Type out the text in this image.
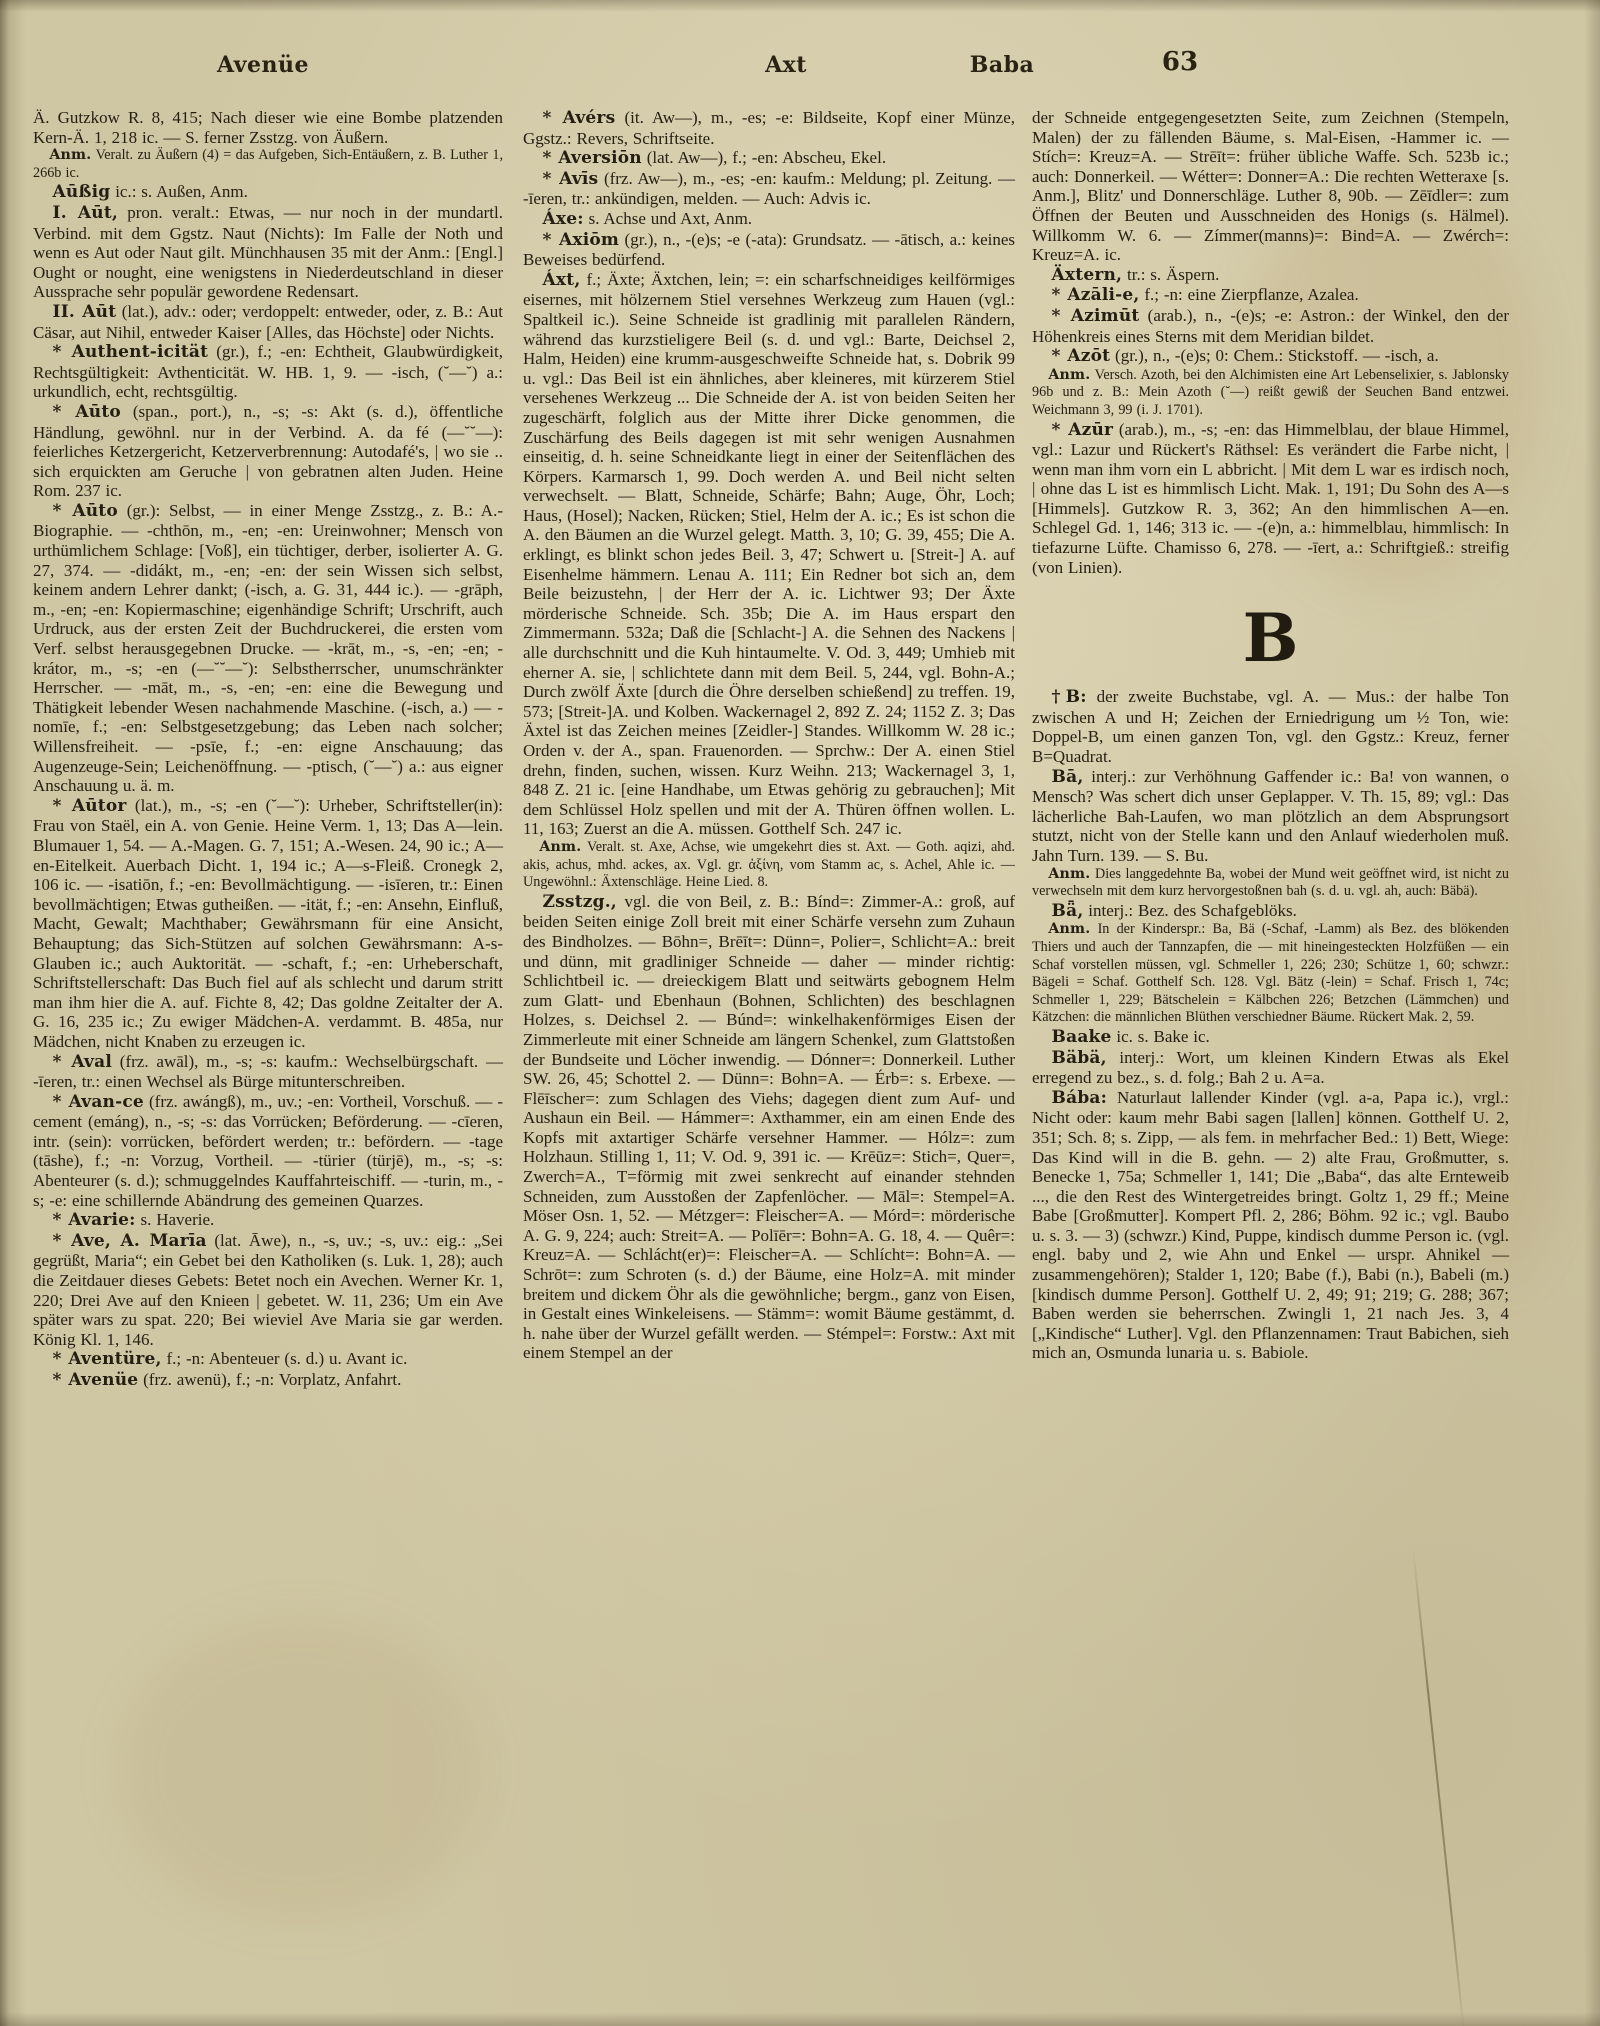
Avenüe	Axt	Baba	63

Ä. Gutzkow R. 8, 415; Nach dieser wie eine Bombe platzenden Kern-Ä. 1, 218 ic. — S. ferner Zsstzg. von Äußern.

Anm. Veralt. zu Äußern (4) = das Aufgeben, Sich-Entäußern, z. B. Luther 1, 266b ic.

Aūßig ic.: s. Außen, Anm.

I. Aūt, pron. veralt.: Etwas, — nur noch in der mundartl. Verbind. mit dem Ggstz. Naut (Nichts): Im Falle der Noth und wenn es Aut oder Naut gilt. Münchhausen 35 mit der Anm.: [Engl.] Ought or nought, eine wenigstens in Niederdeutschland in dieser Aussprache sehr populär gewordene Redensart.

II. Aūt (lat.), adv.: oder; verdoppelt: entweder, oder, z. B.: Aut Cäsar, aut Nihil, entweder Kaiser [Alles, das Höchste] oder Nichts.

* Authent-icität (gr.), f.; -en: Echtheit, Glaubwürdigkeit, Rechtsgültigkeit: Avthenticität. W. HB. 1, 9. — -isch, (˘—˘) a.: urkundlich, echt, rechtsgültig.

* Aūto (span., port.), n., -s; -s: Akt (s. d.), öffentliche Händlung, gewöhnl. nur in der Verbind. A. da fé (—˘˘—): feierliches Ketzergericht, Ketzerverbrennung: Autodafé's, | wo sie .. sich erquickten am Geruche | von gebratnen alten Juden. Heine Rom. 237 ic.

* Aūto (gr.): Selbst, — in einer Menge Zsstzg., z. B.: A.-Biographie. — -chthōn, m., -en; -en: Ureinwohner; Mensch von urthümlichem Schlage: [Voß], ein tüchtiger, derber, isolierter A. G. 27, 374. — -didákt, m., -en; -en: der sein Wissen sich selbst, keinem andern Lehrer dankt; (-isch, a. G. 31, 444 ic.). — -grāph, m., -en; -en: Kopiermaschine; eigenhändige Schrift; Urschrift, auch Urdruck, aus der ersten Zeit der Buchdruckerei, die ersten vom Verf. selbst herausgegebnen Drucke. — -krāt, m., -s, -en; -en; -krátor, m., -s; -en (—˘˘—˘): Selbstherrscher, unumschränkter Herrscher. — -māt, m., -s, -en; -en: eine die Bewegung und Thätigkeit lebender Wesen nachahmende Maschine. (-isch, a.) — -nomīe, f.; -en: Selbstgesetzgebung; das Leben nach solcher; Willensfreiheit. — -psīe, f.; -en: eigne Anschauung; das Augenzeuge-Sein; Leichenöffnung. — -ptisch, (˘—˘) a.: aus eigner Anschauung u. ä. m.

* Aūtor (lat.), m., -s; -en (˘—˘): Urheber, Schriftsteller(in): Frau von Staël, ein A. von Genie. Heine Verm. 1, 13; Das A—lein. Blumauer 1, 54. — A.-Magen. G. 7, 151; A.-Wesen. 24, 90 ic.; A—en-Eitelkeit. Auerbach Dicht. 1, 194 ic.; A—s-Fleiß. Cronegk 2, 106 ic. — -isatiōn, f.; -en: Bevollmächtigung. — -isīeren, tr.: Einen bevollmächtigen; Etwas gutheißen. — -ität, f.; -en: Ansehn, Einfluß, Macht, Gewalt; Machthaber; Gewährsmann für eine Ansicht, Behauptung; das Sich-Stützen auf solchen Gewährsmann: A-s-Glauben ic.; auch Auktorität. — -schaft, f.; -en: Urheberschaft, Schriftstellerschaft: Das Buch fiel auf als schlecht und darum stritt man ihm hier die A. auf. Fichte 8, 42; Das goldne Zeitalter der A. G. 16, 235 ic.; Zu ewiger Mädchen-A. verdammt. B. 485a, nur Mädchen, nicht Knaben zu erzeugen ic.

* Aval (frz. awāl), m., -s; -s: kaufm.: Wechselbürgschaft. — -īeren, tr.: einen Wechsel als Bürge mitunterschreiben.

* Avan-ce (frz. awángß), m., uv.; -en: Vortheil, Vorschuß. — -cement (emáng), n., -s; -s: das Vorrücken; Beförderung. — -cīeren, intr. (sein): vorrücken, befördert werden; tr.: befördern. — -tage (tāshe), f.; -n: Vorzug, Vortheil. — -türier (türjē), m., -s; -s: Abenteurer (s. d.); schmuggelndes Kauffahrteischiff. — -turin, m., -s; -e: eine schillernde Abändrung des gemeinen Quarzes.

* Avarie: s. Haverie.

* Ave, A. Marīa (lat. Āwe), n., -s, uv.; -s, uv.: eig.: „Sei gegrüßt, Maria“; ein Gebet bei den Katholiken (s. Luk. 1, 28); auch die Zeitdauer dieses Gebets: Betet noch ein Avechen. Werner Kr. 1, 220; Drei Ave auf den Knieen | gebetet. W. 11, 236; Um ein Ave später wars zu spat. 220; Bei wieviel Ave Maria sie gar werden. König Kl. 1, 146.

* Aventüre, f.; -n: Abenteuer (s. d.) u. Avant ic.

* Avenüe (frz. awenü), f.; -n: Vorplatz, Anfahrt.

* Avérs (it. Aw—), m., -es; -e: Bildseite, Kopf einer Münze, Ggstz.: Revers, Schriftseite.

* Aversiōn (lat. Aw—), f.; -en: Abscheu, Ekel.

* Avīs (frz. Aw—), m., -es; -en: kaufm.: Meldung; pl. Zeitung. — -īeren, tr.: ankündigen, melden. — Auch: Advis ic.

Áxe: s. Achse und Axt, Anm.

* Axiōm (gr.), n., -(e)s; -e (-ata): Grundsatz. — -ātisch, a.: keines Beweises bedürfend.

Áxt, f.; Äxte; Äxtchen, lein; =: ein scharfschneidiges keilförmiges eisernes, mit hölzernem Stiel versehnes Werkzeug zum Hauen (vgl.: Spaltkeil ic.). Seine Schneide ist gradlinig mit parallelen Rändern, während das kurzstieligere Beil (s. d. und vgl.: Barte, Deichsel 2, Halm, Heiden) eine krumm-ausgeschweifte Schneide hat, s. Dobrik 99 u. vgl.: Das Beil ist ein ähnliches, aber kleineres, mit kürzerem Stiel versehenes Werkzeug ... Die Schneide der A. ist von beiden Seiten her zugeschärft, folglich aus der Mitte ihrer Dicke genommen, die Zuschärfung des Beils dagegen ist mit sehr wenigen Ausnahmen einseitig, d. h. seine Schneidkante liegt in einer der Seitenflächen des Körpers. Karmarsch 1, 99. Doch werden A. und Beil nicht selten verwechselt. — Blatt, Schneide, Schärfe; Bahn; Auge, Öhr, Loch; Haus, (Hosel); Nacken, Rücken; Stiel, Helm der A. ic.; Es ist schon die A. den Bäumen an die Wurzel gelegt. Matth. 3, 10; G. 39, 455; Die A. erklingt, es blinkt schon jedes Beil. 3, 47; Schwert u. [Streit-] A. auf Eisenhelme hämmern. Lenau A. 111; Ein Redner bot sich an, dem Beile beizustehn, | der Herr der A. ic. Lichtwer 93; Der Äxte mörderische Schneide. Sch. 35b; Die A. im Haus erspart den Zimmermann. 532a; Daß die [Schlacht-] A. die Sehnen des Nackens | alle durchschnitt und die Kuh hintaumelte. V. Od. 3, 449; Umhieb mit eherner A. sie, | schlichtete dann mit dem Beil. 5, 244, vgl. Bohn-A.; Durch zwölf Äxte [durch die Öhre derselben schießend] zu treffen. 19, 573; [Streit-]A. und Kolben. Wackernagel 2, 892 Z. 24; 1152 Z. 3; Das Äxtel ist das Zeichen meines [Zeidler-] Standes. Willkomm W. 28 ic.; Orden v. der A., span. Frauenorden. — Sprchw.: Der A. einen Stiel drehn, finden, suchen, wissen. Kurz Weihn. 213; Wackernagel 3, 1, 848 Z. 21 ic. [eine Handhabe, um Etwas gehörig zu gebrauchen]; Mit dem Schlüssel Holz spellen und mit der A. Thüren öffnen wollen. L. 11, 163; Zuerst an die A. müssen. Gotthelf Sch. 247 ic.

Anm. Veralt. st. Axe, Achse, wie umgekehrt dies st. Axt. — Goth. aqizi, ahd. akis, achus, mhd. ackes, ax. Vgl. gr. ἀξίνη, vom Stamm ac, s. Achel, Ahle ic. — Ungewöhnl.: Äxtenschläge. Heine Lied. 8.

Zsstzg., vgl. die von Beil, z. B.: Bínd=: Zimmer-A.: groß, auf beiden Seiten einige Zoll breit mit einer Schärfe versehn zum Zuhaun des Bindholzes. — Bōhn=, Brēīt=: Dünn=, Polier=, Schlicht=A.: breit und dünn, mit gradliniger Schneide — daher — minder richtig: Schlichtbeil ic. — dreieckigem Blatt und seitwärts gebognem Helm zum Glatt- und Ebenhaun (Bohnen, Schlichten) des beschlagnen Holzes, s. Deichsel 2. — Búnd=: winkelhakenförmiges Eisen der Zimmerleute mit einer Schneide am längern Schenkel, zum Glattstoßen der Bundseite und Löcher inwendig. — Dónner=: Donnerkeil. Luther SW. 26, 45; Schottel 2. — Dünn=: Bohn=A. — Érb=: s. Erbexe. — Flēīscher=: zum Schlagen des Viehs; dagegen dient zum Auf- und Aushaun ein Beil. — Hámmer=: Axthammer, ein am einen Ende des Kopfs mit axtartiger Schärfe versehner Hammer. — Hólz=: zum Holzhaun. Stilling 1, 11; V. Od. 9, 391 ic. — Krēūz=: Stich=, Quer=, Zwerch=A., T=förmig mit zwei senkrecht auf einander stehnden Schneiden, zum Ausstoßen der Zapfenlöcher. — Māl=: Stempel=A. Möser Osn. 1, 52. — Métzger=: Fleischer=A. — Mórd=: mörderische A. G. 9, 224; auch: Streit=A. — Polīēr=: Bohn=A. G. 18, 4. — Quêr=: Kreuz=A. — Schlácht(er)=: Fleischer=A. — Schlícht=: Bohn=A. — Schrōt=: zum Schroten (s. d.) der Bäume, eine Holz=A. mit minder breitem und dickem Öhr als die gewöhnliche; bergm., ganz von Eisen, in Gestalt eines Winkeleisens. — Stämm=: womit Bäume gestämmt, d. h. nahe über der Wurzel gefällt werden. — Stémpel=: Forstw.: Axt mit einem Stempel an der

der Schneide entgegengesetzten Seite, zum Zeichnen (Stempeln, Malen) der zu fällenden Bäume, s. Mal-Eisen, -Hammer ic. — Stích=: Kreuz=A. — Strēīt=: früher übliche Waffe. Sch. 523b ic.; auch: Donnerkeil. — Wétter=: Donner=A.: Die rechten Wetteraxe [s. Anm.], Blitz' und Donnerschläge. Luther 8, 90b. — Zēīdler=: zum Öffnen der Beuten und Ausschneiden des Honigs (s. Hälmel). Willkomm W. 6. — Zímmer(manns)=: Bind=A. — Zwérch=: Kreuz=A. ic.

Äxtern, tr.: s. Äspern.

* Azāli-e, f.; -n: eine Zierpflanze, Azalea.

* Azimūt (arab.), n., -(e)s; -e: Astron.: der Winkel, den der Höhenkreis eines Sterns mit dem Meridian bildet.

* Azōt (gr.), n., -(e)s; 0: Chem.: Stickstoff. — -isch, a.

Anm. Versch. Azoth, bei den Alchimisten eine Art Lebenselixier, s. Jablonsky 96b und z. B.: Mein Azoth (˘—) reißt gewiß der Seuchen Band entzwei. Weichmann 3, 99 (i. J. 1701).

* Azūr (arab.), m., -s; -en: das Himmelblau, der blaue Himmel, vgl.: Lazur und Rückert's Räthsel: Es verändert die Farbe nicht, | wenn man ihm vorn ein L abbricht. | Mit dem L war es irdisch noch, | ohne das L ist es himmlisch Licht. Mak. 1, 191; Du Sohn des A—s [Himmels]. Gutzkow R. 3, 362; An den himmlischen A—en. Schlegel Gd. 1, 146; 313 ic. — -(e)n, a.: himmelblau, himmlisch: In tiefazurne Lüfte. Chamisso 6, 278. — -īert, a.: Schriftgieß.: streifig (von Linien).

B

†B: der zweite Buchstabe, vgl. A. — Mus.: der halbe Ton zwischen A und H; Zeichen der Erniedrigung um ½ Ton, wie: Doppel-B, um einen ganzen Ton, vgl. den Ggstz.: Kreuz, ferner B=Quadrat.

Bā, interj.: zur Verhöhnung Gaffender ic.: Ba! von wannen, o Mensch? Was schert dich unser Geplapper. V. Th. 15, 89; vgl.: Das lächerliche Bah-Laufen, wo man plötzlich an dem Absprungsort stutzt, nicht von der Stelle kann und den Anlauf wiederholen muß. Jahn Turn. 139. — S. Bu.

Anm. Dies langgedehnte Ba, wobei der Mund weit geöffnet wird, ist nicht zu verwechseln mit dem kurz hervorgestoßnen bah (s. d. u. vgl. ah, auch: Bäbä).

Bǟ, interj.: Bez. des Schafgeblöks.

Anm. In der Kinderspr.: Ba, Bä (-Schaf, -Lamm) als Bez. des blökenden Thiers und auch der Tannzapfen, die — mit hineingesteckten Holzfüßen — ein Schaf vorstellen müssen, vgl. Schmeller 1, 226; 230; Schütze 1, 60; schwzr.: Bägeli = Schaf. Gotthelf Sch. 128. Vgl. Bätz (-lein) = Schaf. Frisch 1, 74c; Schmeller 1, 229; Bätschelein = Kälbchen 226; Betzchen (Lämmchen) und Kätzchen: die männlichen Blüthen verschiedner Bäume. Rückert Mak. 2, 59.

Baake ic. s. Bake ic.

Bäbä, interj.: Wort, um kleinen Kindern Etwas als Ekel erregend zu bez., s. d. folg.; Bah 2 u. A=a.

Bába: Naturlaut lallender Kinder (vgl. a-a, Papa ic.), vrgl.: Nicht oder: kaum mehr Babi sagen [lallen] können. Gotthelf U. 2, 351; Sch. 8; s. Zipp, — als fem. in mehrfacher Bed.: 1) Bett, Wiege: Das Kind will in die B. gehn. — 2) alte Frau, Großmutter, s. Benecke 1, 75a; Schmeller 1, 141; Die „Baba“, das alte Ernteweib ..., die den Rest des Wintergetreides bringt. Goltz 1, 29 ff.; Meine Babe [Großmutter]. Kompert Pfl. 2, 286; Böhm. 92 ic.; vgl. Baubo u. s. 3. — 3) (schwzr.) Kind, Puppe, kindisch dumme Person ic. (vgl. engl. baby und 2, wie Ahn und Enkel — urspr. Ahnikel — zusammengehören); Stalder 1, 120; Babe (f.), Babi (n.), Babeli (m.) [kindisch dumme Person]. Gotthelf U. 2, 49; 91; 219; G. 288; 367; Baben werden sie beherrschen. Zwingli 1, 21 nach Jes. 3, 4 [„Kindische“ Luther]. Vgl. den Pflanzennamen: Traut Babichen, sieh mich an, Osmunda lunaria u. s. Babiole.
